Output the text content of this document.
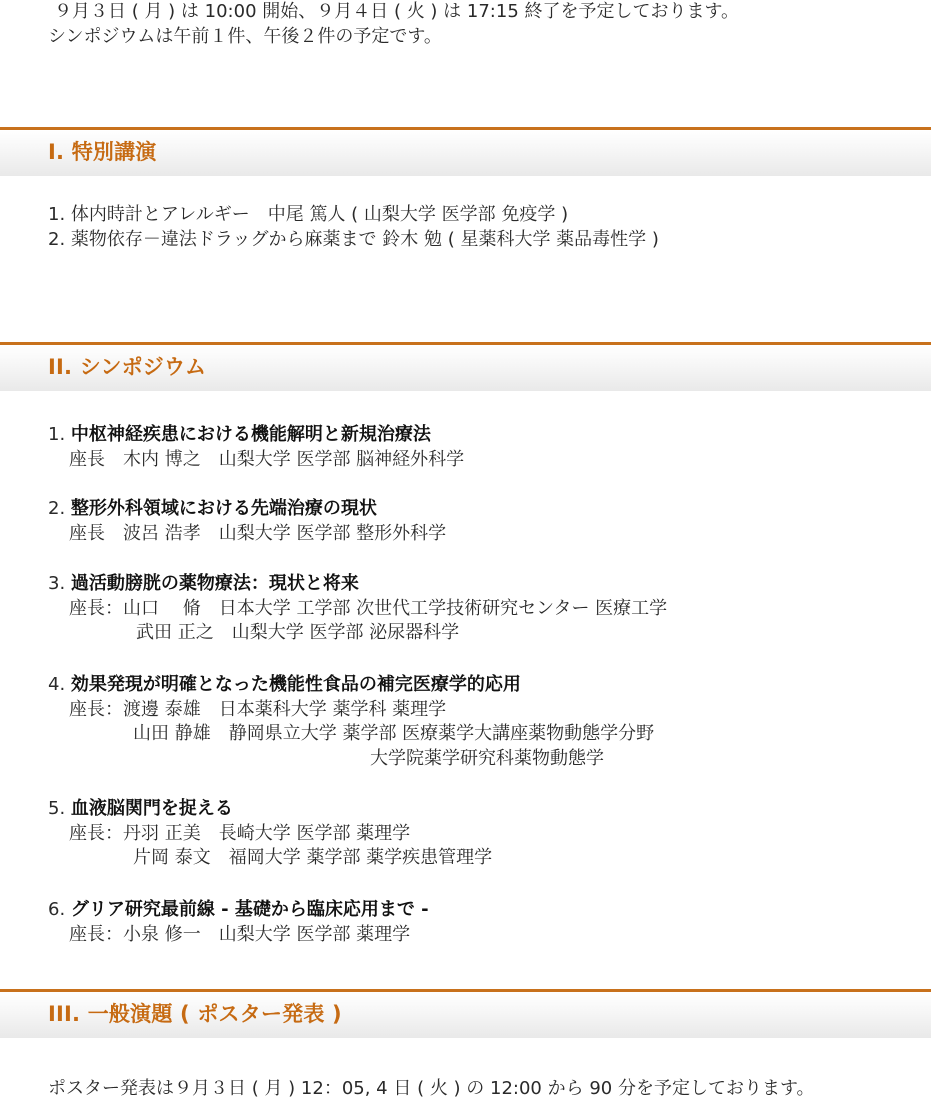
９月３日 ( 月 ) は 10:00 開始、９月４日 ( 火 ) は 17:15 終了を予定しております。

シンポジウムは午前１件、午後２件の予定です。

I. 特別講演

1. 体内時計とアレルギー　中尾 篤人 ( 山梨大学 医学部 免疫学 )

2. 薬物依存－違法ドラッグから麻薬まで 鈴木 勉 ( 星薬科大学 薬品毒性学 )

II. シンポジウム

1. 中枢神経疾患における機能解明と新規治療法

座長　木内 博之　山梨大学 医学部 脳神経外科学

2. 整形外科領域における先端治療の現状

座長　波呂 浩孝　山梨大学 医学部 整形外科学

3. 過活動膀胱の薬物療法：現状と将来

座長：山口　 脩　日本大学 工学部 次世代工学技術研究センター 医療工学

武田 正之　山梨大学 医学部 泌尿器科学

4. 効果発現が明確となった機能性食品の補完医療学的応用

座長：渡邊 泰雄　日本薬科大学 薬学科 薬理学

山田 静雄　静岡県立大学 薬学部 医療薬学大講座薬物動態学分野

大学院薬学研究科薬物動態学

5. 血液脳関門を捉える

座長：丹羽 正美　長崎大学 医学部 薬理学

片岡 泰文　福岡大学 薬学部 薬学疾患管理学

6. グリア研究最前線 - 基礎から臨床応用まで -

座長：小泉 修一　山梨大学 医学部 薬理学

III. 一般演題 ( ポスター発表 )

ポスター発表は９月３日 ( 月 ) 12：05, 4 日 ( 火 ) の 12:00 から 90 分を予定しております。
